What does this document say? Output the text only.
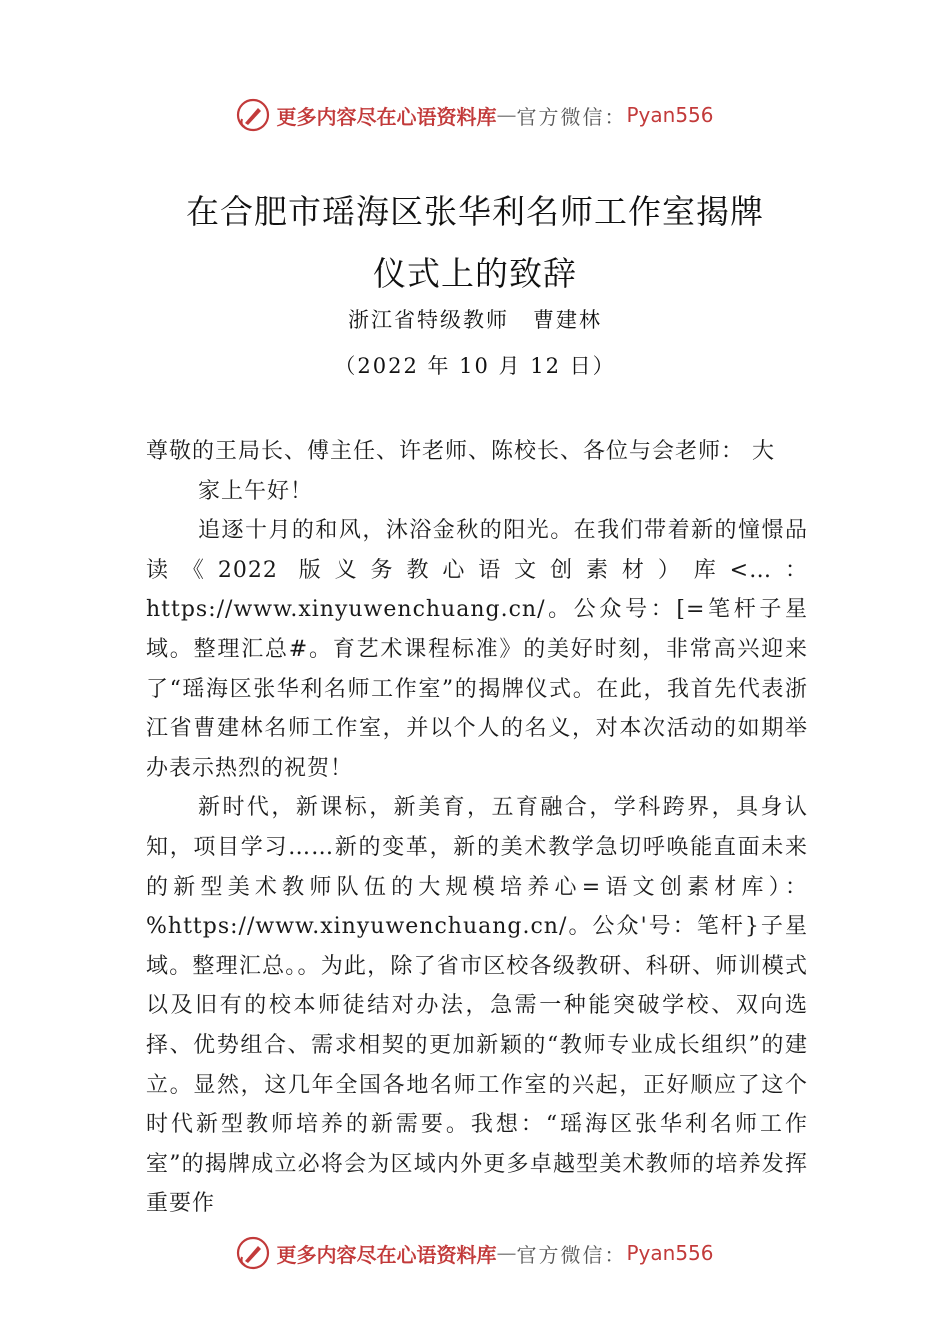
更多内容尽在心语资料库 — 官方微信： Pyan556
在合肥市瑶海区张华利名师工作室揭牌
仪式上的致辞
浙江省特级教师 曹建林
（2022 年 10 月 12 日）

尊敬的王局长、傅主任、许老师、陈校长、各位与会老师： 大

家上午好！

追逐十月的和风，沐浴金秋的阳光。在我们带着新的憧憬品读《2022 版义务教心语文创素材）库<…：https://www.xinyuwenchuang.cn/。公众号：[=笔杆子星域。整理汇总#。育艺术课程标准》的美好时刻，非常高兴迎来了“瑶海区张华利名师工作室”的揭牌仪式。在此，我首先代表浙江省曹建林名师工作室，并以个人的名义，对本次活动的如期举办表示热烈的祝贺！

新时代，新课标，新美育，五育融合，学科跨界，具身认知，项目学习……新的变革，新的美术教学急切呼唤能直面未来的新型美术教师队伍的大规模培养心=语文创素材库）：%https://www.xinyuwenchuang.cn/。公众'号：笔杆}子星域。整理汇总。。为此，除了省市区校各级教研、科研、师训模式以及旧有的校本师徒结对办法，急需一种能突破学校、双向选择、优势组合、需求相契的更加新颖的“教师专业成长组织”的建立。显然，这几年全国各地名师工作室的兴起，正好顺应了这个时代新型教师培养的新需要。我想：“瑶海区张华利名师工作室”的揭牌成立必将会为区域内外更多卓越型美术教师的培养发挥重要作

更多内容尽在心语资料库 — 官方微信： Pyan556
